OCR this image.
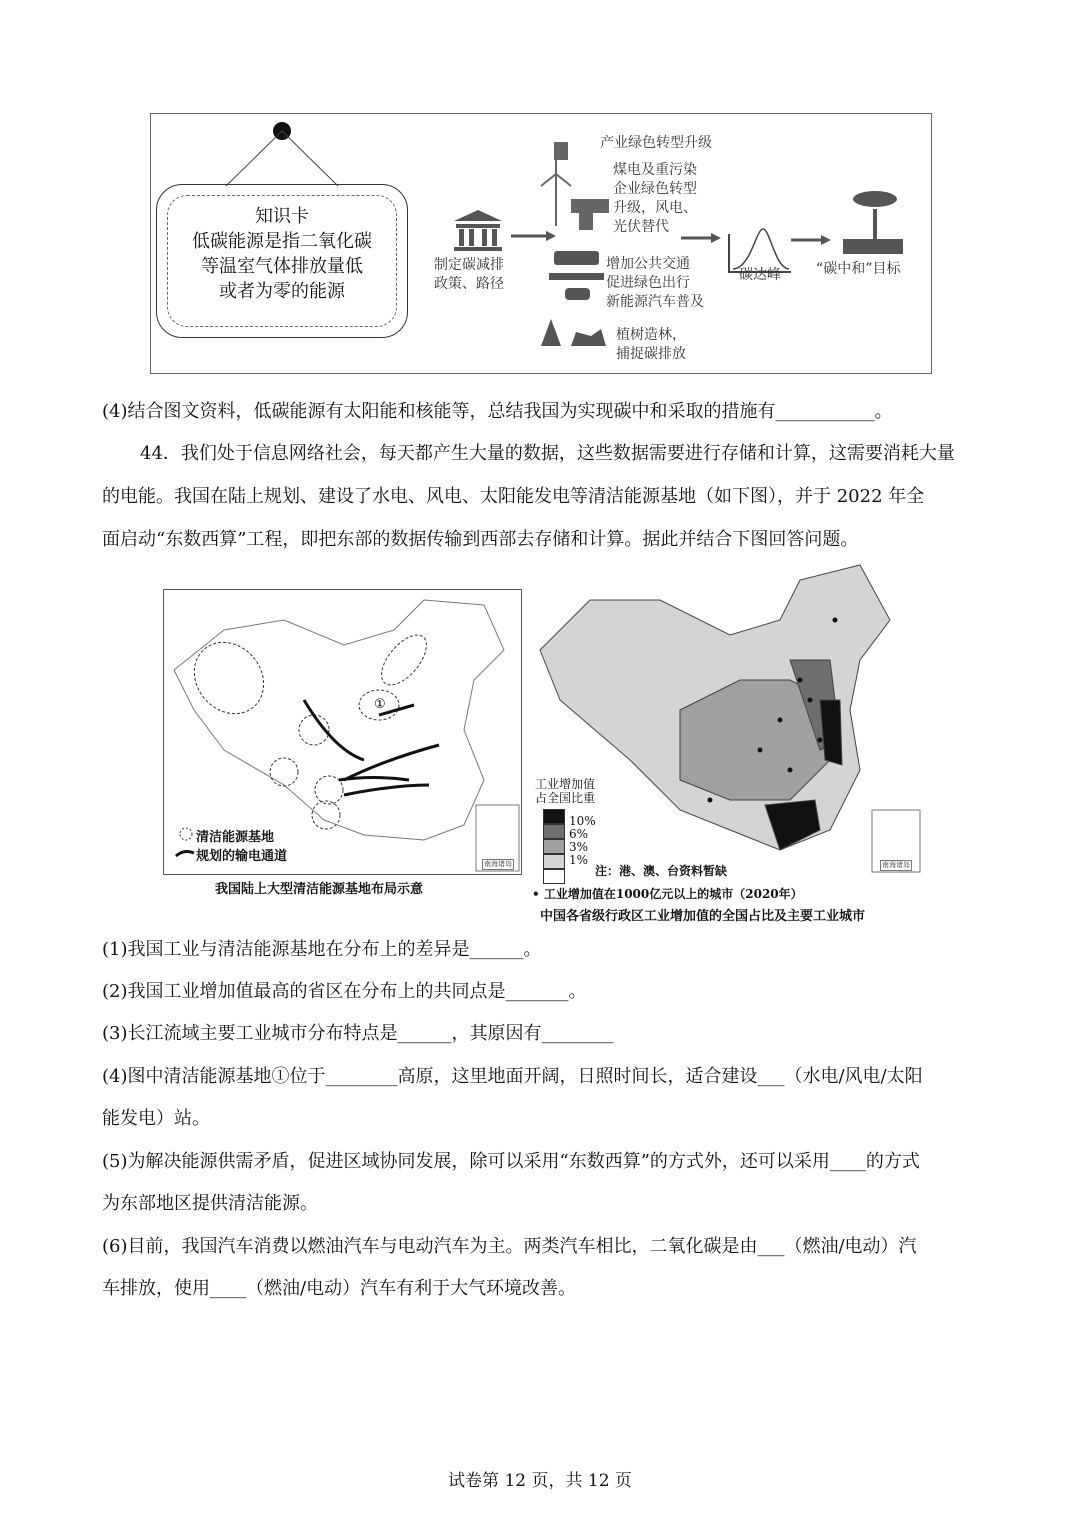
知识卡
低碳能源是指二氧化碳
等温室气体排放量低
或者为零的能源
制定碳减排
政策、路径
产业绿色转型升级
煤电及重污染
企业绿色转型
升级，风电、
光伏替代
增加公共交通
促进绿色出行
新能源汽车普及
植树造林，
捕捉碳排放
碳达峰	“碳中和”目标
(4)结合图文资料，低碳能源有太阳能和核能等，总结我国为实现碳中和采取的措施有___________。
44．我们处于信息网络社会，每天都产生大量的数据，这些数据需要进行存储和计算，这需要消耗大量
的电能。我国在陆上规划、建设了水电、风电、太阳能发电等清洁能源基地（如下图），并于 2022 年全
面启动“东数西算”工程，即把东部的数据传输到西部去存储和计算。据此并结合下图回答问题。
①
南海诸岛
清洁能源基地
规划的输电通道
我国陆上大型清洁能源基地布局示意
南海诸岛
工业增加值
占全国比重
10%
6%
3%
1%
注：港、澳、台资料暂缺
• 工业增加值在1000亿元以上的城市（2020年）
中国各省级行政区工业增加值的全国占比及主要工业城市
(1)我国工业与清洁能源基地在分布上的差异是______。
(2)我国工业增加值最高的省区在分布上的共同点是_______。
(3)长江流域主要工业城市分布特点是______，其原因有________
(4)图中清洁能源基地①位于________高原，这里地面开阔，日照时间长，适合建设___（水电/风电/太阳
能发电）站。
(5)为解决能源供需矛盾，促进区域协同发展，除可以采用“东数西算”的方式外，还可以采用____的方式
为东部地区提供清洁能源。
(6)目前，我国汽车消费以燃油汽车与电动汽车为主。两类汽车相比，二氧化碳是由___（燃油/电动）汽
车排放，使用____（燃油/电动）汽车有利于大气环境改善。
试卷第 12 页，共 12 页
